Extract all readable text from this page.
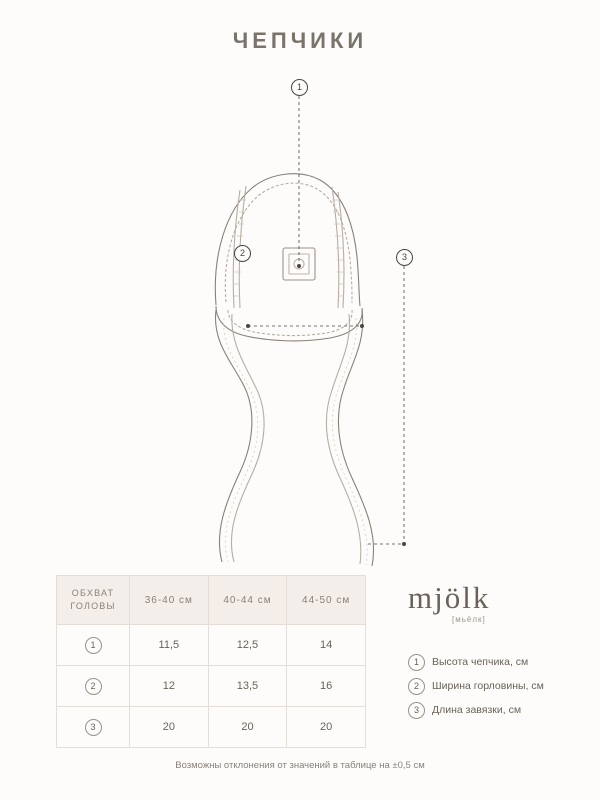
ЧЕПЧИКИ
1
2	3
ОБХВАТ
ГОЛОВЫ	36-40 см	40-44 см	44-50 см
1	11,5	12,5	14
2	12	13,5	16
3	20	20	20
mjölk
[мьёлк]
1	Высота чепчика, см
2	Ширина горловины, см
3	Длина завязки, см
Возможны отклонения от значений в таблице на ±0,5 см
